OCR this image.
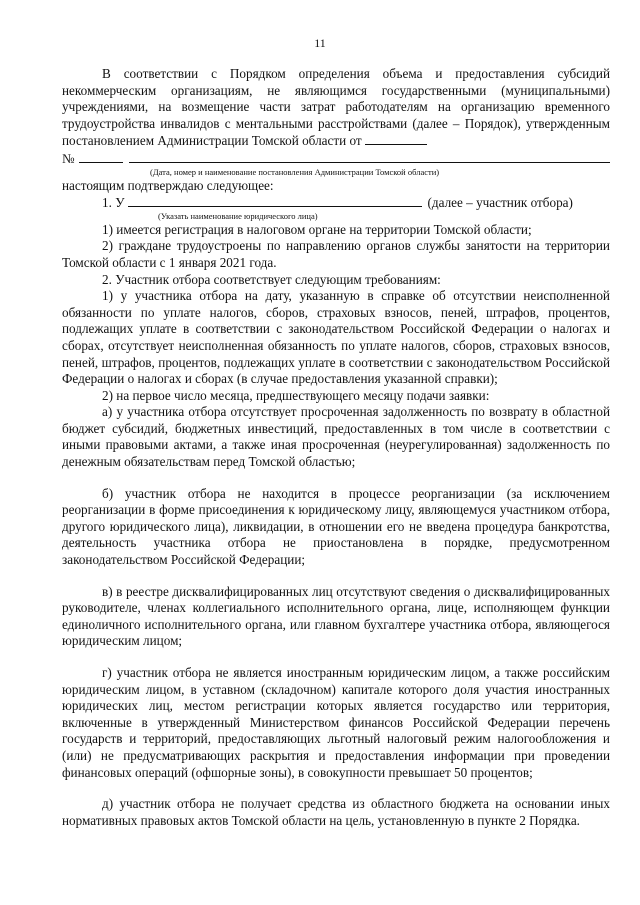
11

В соответствии с Порядком определения объема и предоставления субсидий некоммерческим организациям, не являющимся государственными (муниципальными) учреждениями, на возмещение части затрат работодателям на организацию временного трудоустройства инвалидов с ментальными расстройствами (далее – Порядок), утвержденным постановлением Администрации Томской области от

№

(Дата, номер и наименование постановления Администрации Томской области)

настоящим подтверждаю следующее:

1. У	(далее – участник отбора)

(Указать наименование юридического лица)

1) имеется регистрация в налоговом органе на территории Томской области;

2) граждане трудоустроены по направлению органов службы занятости на территории Томской области с 1 января 2021 года.

2. Участник отбора соответствует следующим требованиям:

1) у участника отбора на дату, указанную в справке об отсутствии неисполненной обязанности по уплате налогов, сборов, страховых взносов, пеней, штрафов, процентов, подлежащих уплате в соответствии с законодательством Российской Федерации о налогах и сборах, отсутствует неисполненная обязанность по уплате налогов, сборов, страховых взносов, пеней, штрафов, процентов, подлежащих уплате в соответствии с законодательством Российской Федерации о налогах и сборах (в случае предоставления указанной справки);

2) на первое число месяца, предшествующего месяцу подачи заявки:

а) у участника отбора отсутствует просроченная задолженность по возврату в областной бюджет субсидий, бюджетных инвестиций, предоставленных в том числе в соответствии с иными правовыми актами, а также иная просроченная (неурегулированная) задолженность по денежным обязательствам перед Томской областью;

б) участник отбора не находится в процессе реорганизации (за исключением реорганизации в форме присоединения к юридическому лицу, являющемуся участником отбора, другого юридического лица), ликвидации, в отношении его не введена процедура банкротства, деятельность участника отбора не приостановлена в порядке, предусмотренном законодательством Российской Федерации;

в) в реестре дисквалифицированных лиц отсутствуют сведения о дисквалифицированных руководителе, членах коллегиального исполнительного органа, лице, исполняющем функции единоличного исполнительного органа, или главном бухгалтере участника отбора, являющегося юридическим лицом;

г) участник отбора не является иностранным юридическим лицом, а также российским юридическим лицом, в уставном (складочном) капитале которого доля участия иностранных юридических лиц, местом регистрации которых является государство или территория, включенные в утвержденный Министерством финансов Российской Федерации перечень государств и территорий, предоставляющих льготный налоговый режим налогообложения и (или) не предусматривающих раскрытия и предоставления информации при проведении финансовых операций (офшорные зоны), в совокупности превышает 50 процентов;

д) участник отбора не получает средства из областного бюджета на основании иных нормативных правовых актов Томской области на цель, установленную в пункте 2 Порядка.
